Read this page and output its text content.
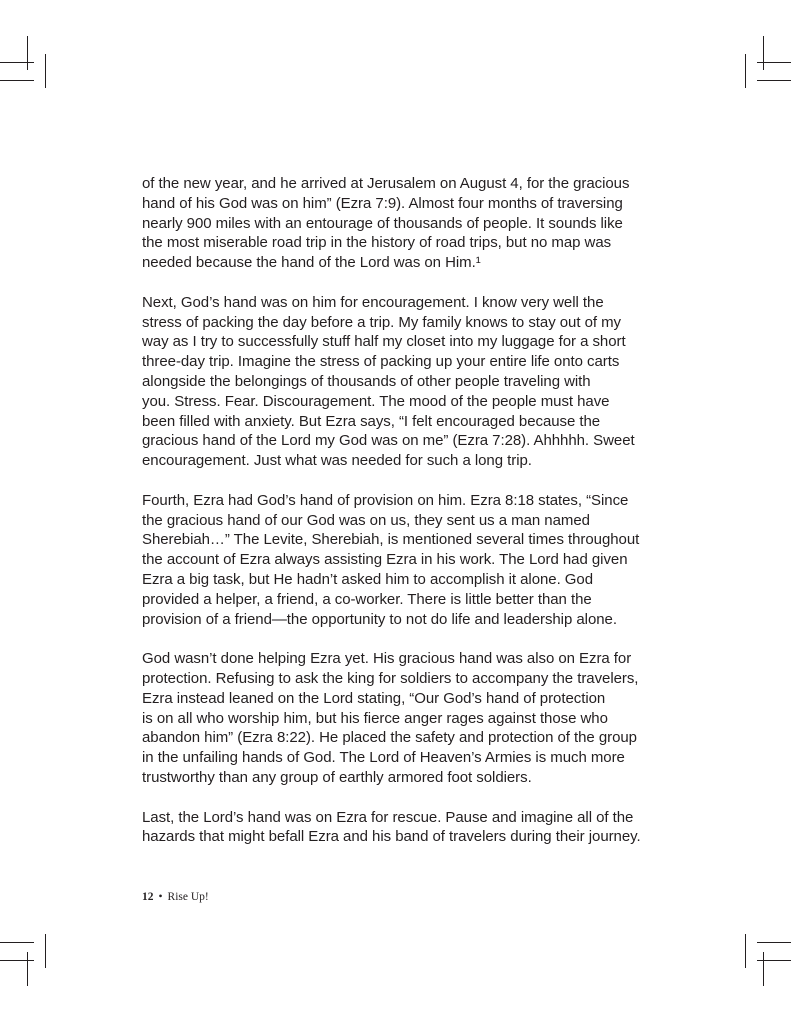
of the new year, and he arrived at Jerusalem on August 4, for the gracious
hand of his God was on him” (Ezra 7:9). Almost four months of traversing
nearly 900 miles with an entourage of thousands of people. It sounds like
the most miserable road trip in the history of road trips, but no map was
needed because the hand of the Lord was on Him.¹

Next, God’s hand was on him for encouragement. I know very well the
stress of packing the day before a trip. My family knows to stay out of my
way as I try to successfully stuff half my closet into my luggage for a short
three-day trip. Imagine the stress of packing up your entire life onto carts
alongside the belongings of thousands of other people traveling with
you. Stress. Fear. Discouragement. The mood of the people must have
been filled with anxiety. But Ezra says, “I felt encouraged because the
gracious hand of the Lord my God was on me” (Ezra 7:28). Ahhhhh. Sweet
encouragement. Just what was needed for such a long trip.

Fourth, Ezra had God’s hand of provision on him. Ezra 8:18 states, “Since
the gracious hand of our God was on us, they sent us a man named
Sherebiah…” The Levite, Sherebiah, is mentioned several times throughout
the account of Ezra always assisting Ezra in his work. The Lord had given
Ezra a big task, but He hadn’t asked him to accomplish it alone. God
provided a helper, a friend, a co-worker. There is little better than the
provision of a friend—the opportunity to not do life and leadership alone.

God wasn’t done helping Ezra yet. His gracious hand was also on Ezra for
protection. Refusing to ask the king for soldiers to accompany the travelers,
Ezra instead leaned on the Lord stating, “Our God’s hand of protection
is on all who worship him, but his fierce anger rages against those who
abandon him” (Ezra 8:22). He placed the safety and protection of the group
in the unfailing hands of God. The Lord of Heaven’s Armies is much more
trustworthy than any group of earthly armored foot soldiers.

Last, the Lord’s hand was on Ezra for rescue. Pause and imagine all of the
hazards that might befall Ezra and his band of travelers during their journey.

12 • Rise Up!
